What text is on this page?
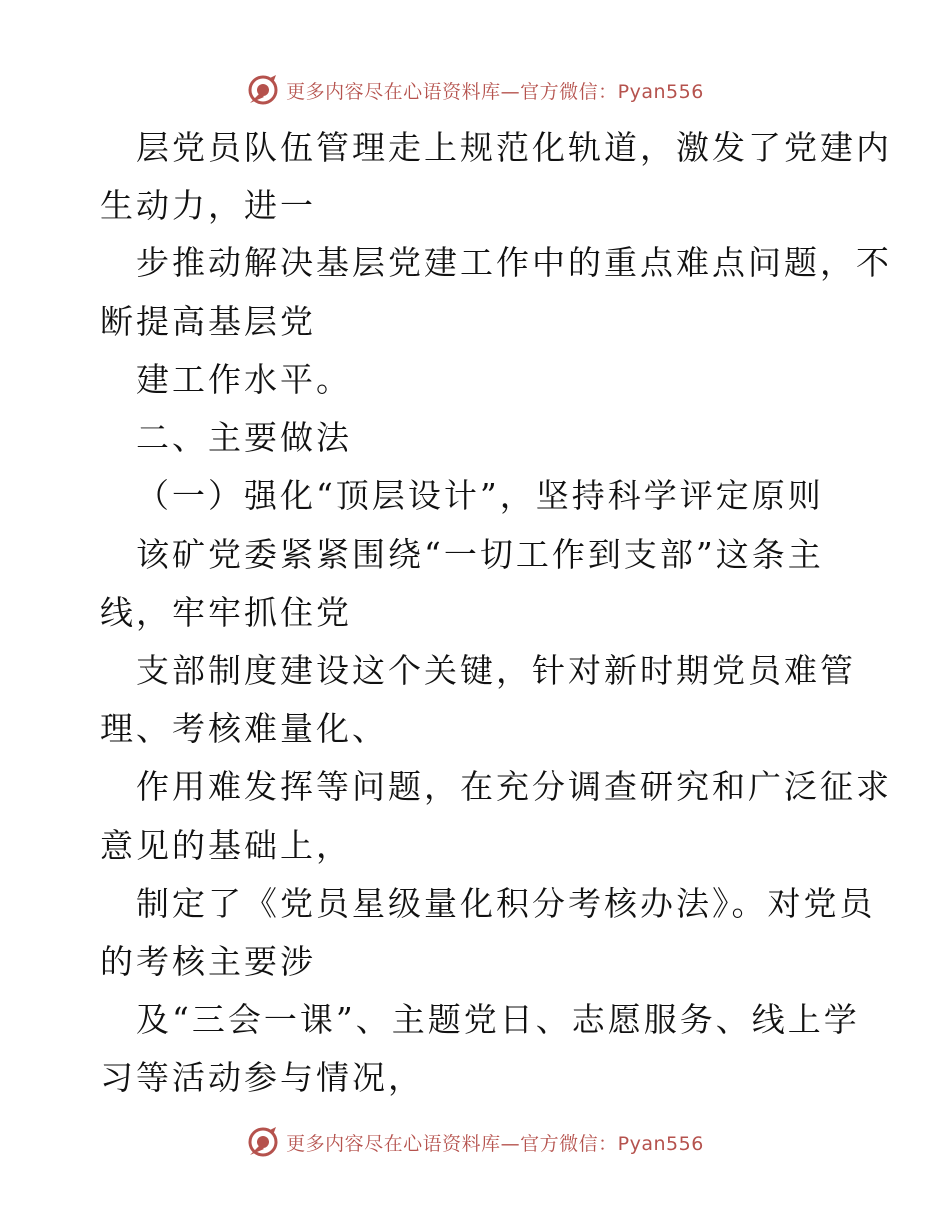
更多内容尽在心语资料库—官方微信：Pyan556
层党员队伍管理走上规范化轨道，激发了党建内
生动力，进一
步推动解决基层党建工作中的重点难点问题，不
断提高基层党
建工作水平。
二、主要做法
（一）强化“顶层设计”，坚持科学评定原则
该矿党委紧紧围绕“一切工作到支部”这条主
线，牢牢抓住党
支部制度建设这个关键，针对新时期党员难管
理、考核难量化、
作用难发挥等问题，在充分调查研究和广泛征求
意见的基础上，
制定了《党员星级量化积分考核办法》。对党员
的考核主要涉
及“三会一课”、主题党日、志愿服务、线上学
习等活动参与情况，
更多内容尽在心语资料库—官方微信：Pyan556
